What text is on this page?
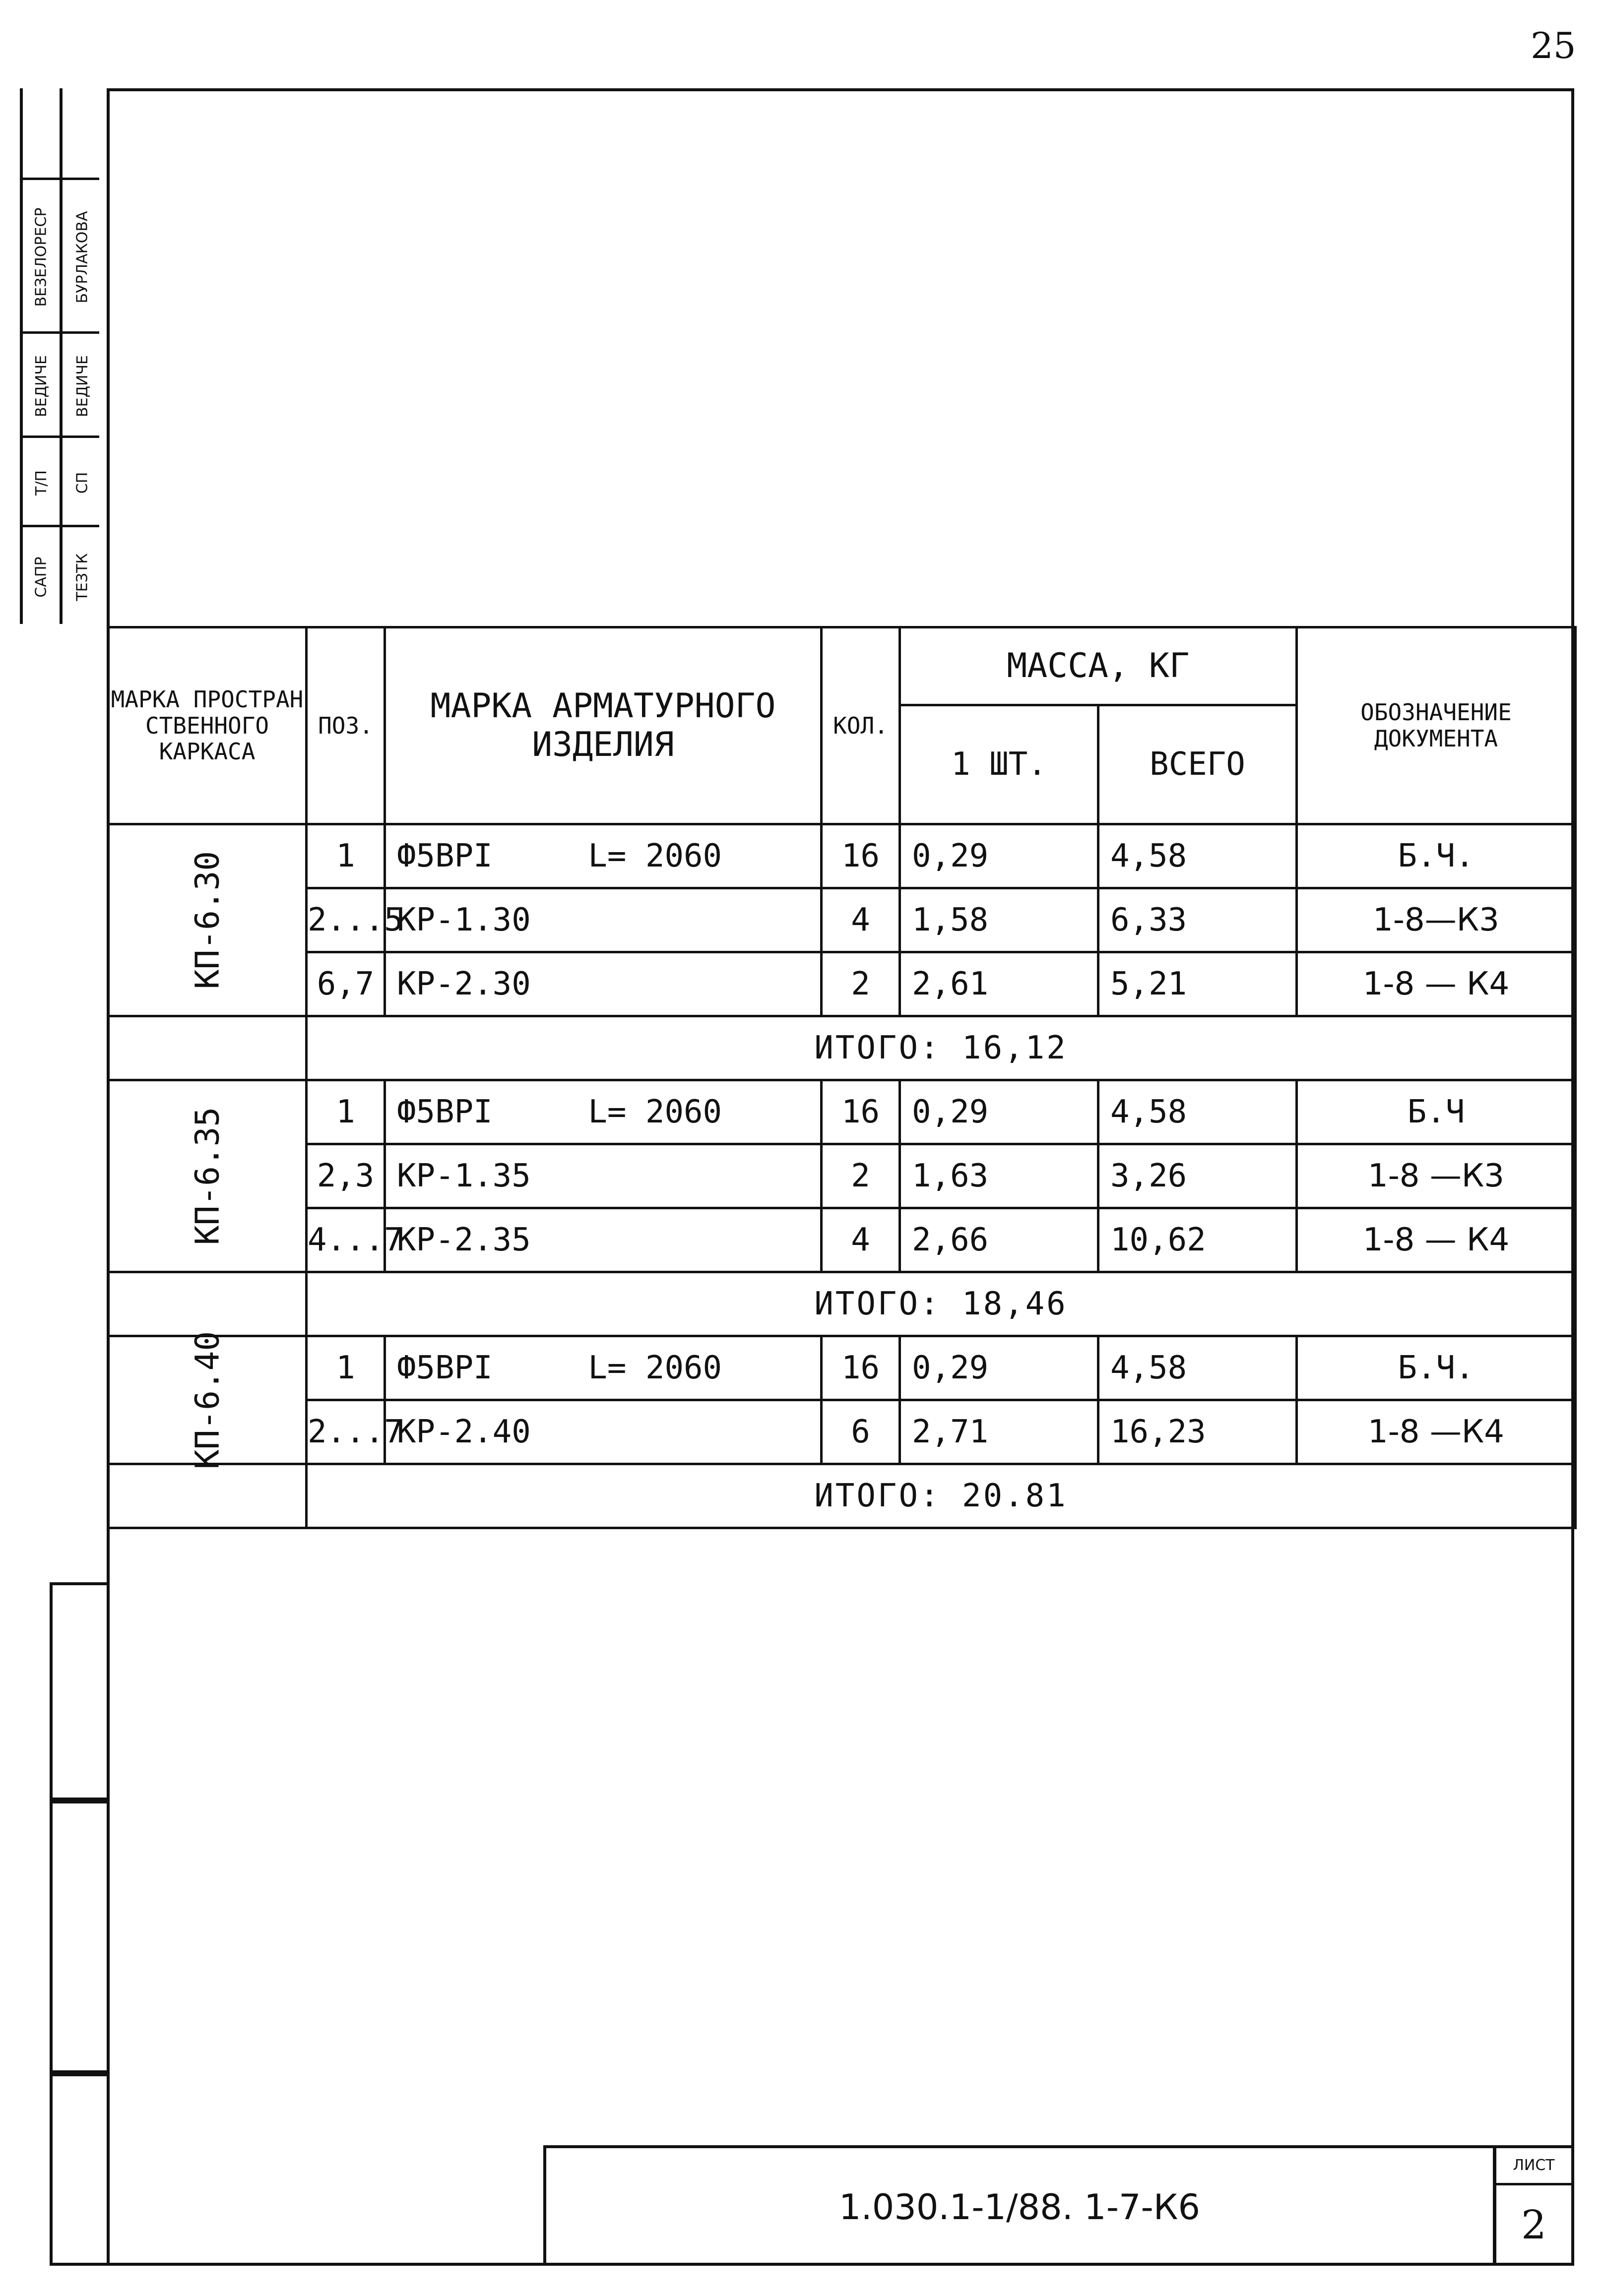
25
САПР
Т/П
ВЕДИЧЕ
ВЕЗЕЛОРЕСР
ТЕЗТК
СП
ВЕДИЧЕ
БУРЛАКОВА
МАРКА ПРОСТРАН СТВЕННОГО КАРКАСА	ПОЗ.	МАРКА АРМАТУРНОГО ИЗДЕЛИЯ	КОЛ.	МАССА, КГ		ОБОЗНАЧЕНИЕ ДОКУМЕНТА
				1 ШТ.	ВСЕГО	

КП-6.30	1	Ф5ВРI L= 2060	16	0,29	4,58	Б.Ч.
	2...5	КР-1.30	4	1,58	6,33	1-8—К3
	6,7	КР-2.30	2	2,61	5,21	1-8 — К4
	ИТОГО: 16,12					

КП-6.35	1	Ф5ВРI L= 2060	16	0,29	4,58	Б.Ч
	2,3	КР-1.35	2	1,63	3,26	1-8 —К3
	4...7	КР-2.35	4	2,66	10,62	1-8 — К4
	ИТОГО: 18,46					

КП-6.40	1	Ф5ВРI L= 2060	16	0,29	4,58	Б.Ч.
	2...7	КР-2.40	6	2,71	16,23	1-8 —К4
	ИТОГО: 20.81					
1.030.1-1/88. 1-7-К6
ЛИСТ
2
